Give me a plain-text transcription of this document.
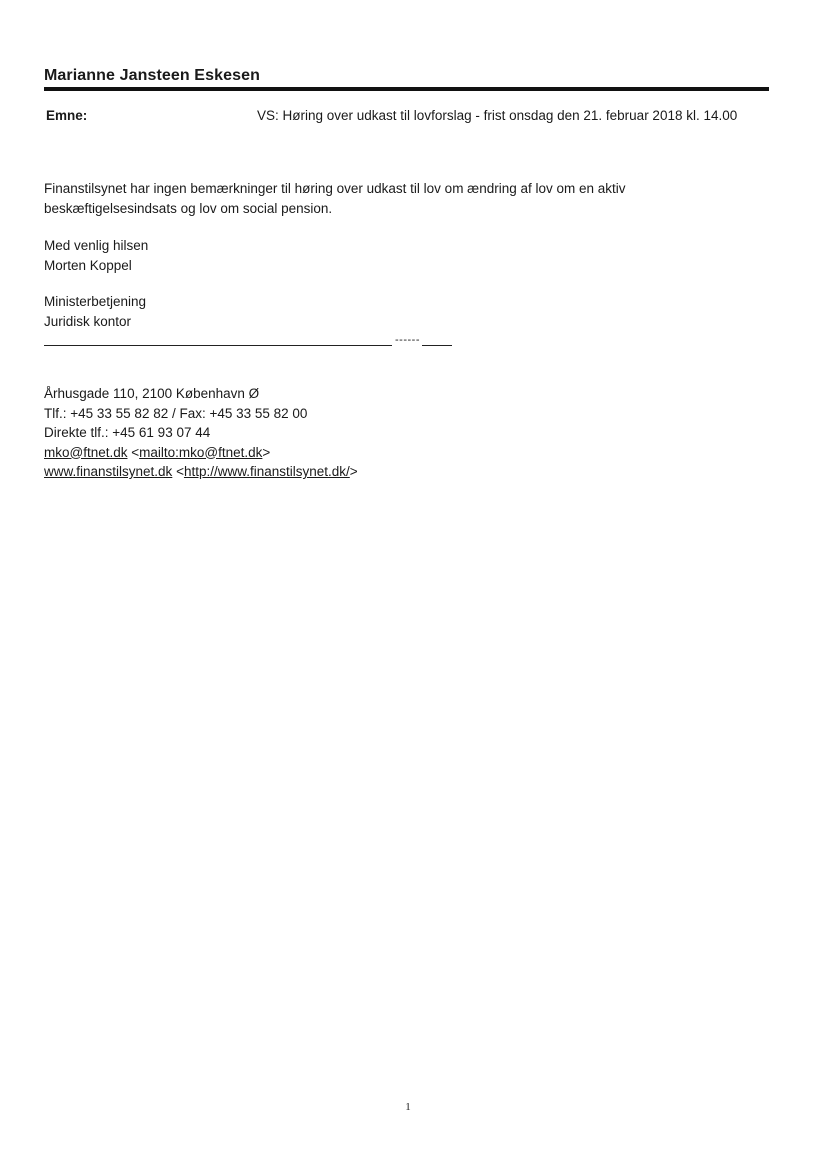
Marianne Jansteen Eskesen
Emne:	VS: Høring over udkast til lovforslag - frist onsdag den 21. februar 2018 kl. 14.00
Finanstilsynet har ingen bemærkninger til høring over udkast til lov om ændring af lov om en aktiv
beskæftigelsesindsats og lov om social pension.
Med venlig hilsen
Morten Koppel
Ministerbetjening
Juridisk kontor
------
Århusgade 110, 2100 København Ø
Tlf.: +45 33 55 82 82 / Fax: +45 33 55 82 00
Direkte tlf.: +45 61 93 07 44
mko@ftnet.dk <mailto:mko@ftnet.dk>
www.finanstilsynet.dk <http://www.finanstilsynet.dk/>
1
